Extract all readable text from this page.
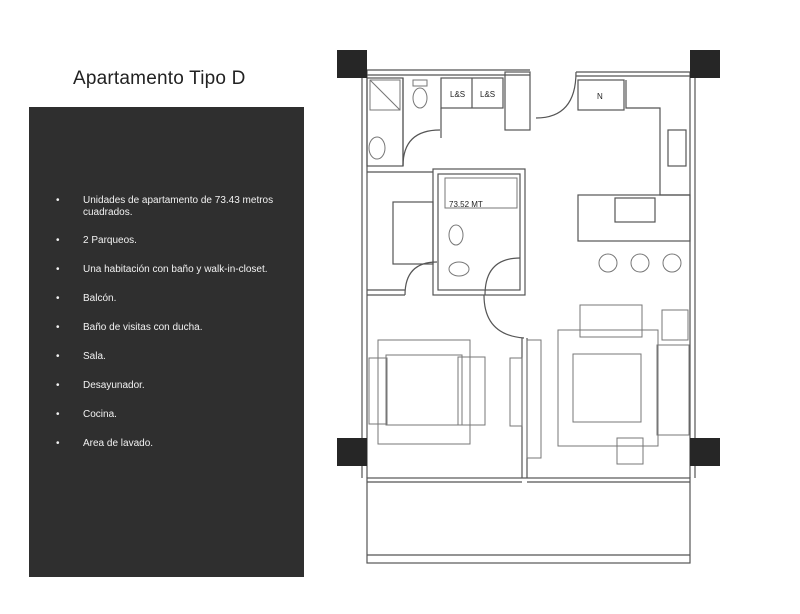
Apartamento Tipo D
• Unidades de apartamento de 73.43 metros cuadrados.
• 2 Parqueos.
• Una habitación con baño y walk-in-closet.
• Balcón.
• Baño de visitas con ducha.
• Sala.
• Desayunador.
• Cocina.
• Area de lavado.
L&S L&S	N
73.52 MT
